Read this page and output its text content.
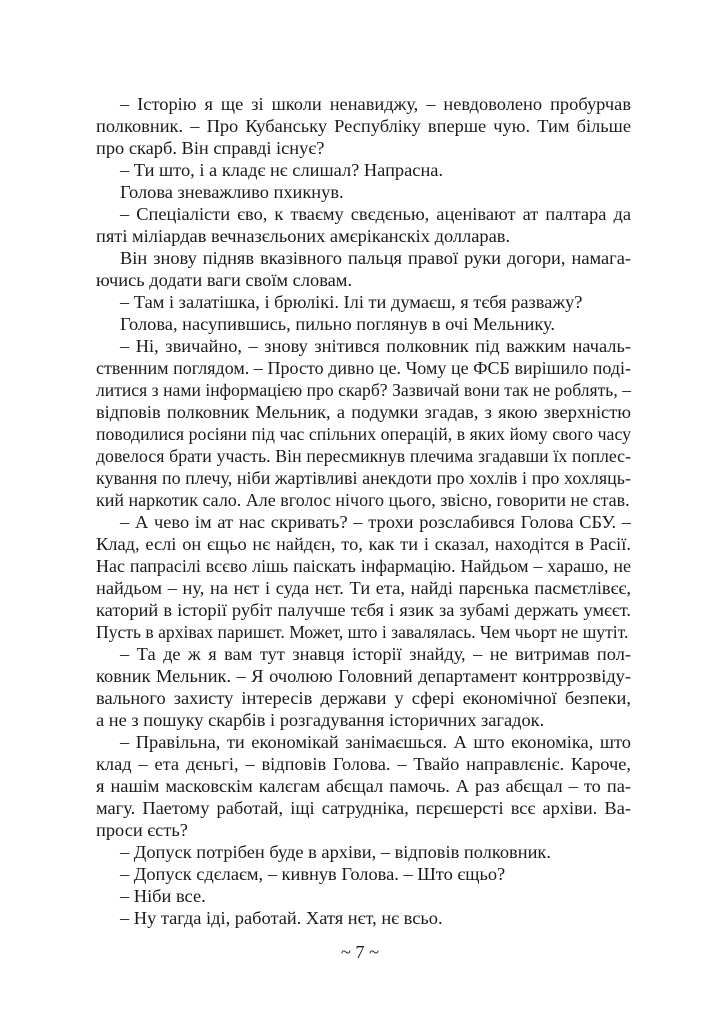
– Історію я ще зі школи ненавиджу, – невдоволено пробурчав
полковник. – Про Кубанську Республіку вперше чую. Тим більше
про скарб. Він справді існує?
– Ти што, і а кладє нє слишал? Напрасна.
Голова зневажливо пхикнув.
– Спеціалісти єво, к тваєму свєдєнью, аценівают ат палтара да
пяті міліардав вечназєльоних амєріканскіх долларав.
Він знову підняв вказівного пальця правої руки догори, намага-
ючись додати ваги своїм словам.
– Там і залатішка, і брюлікі. Ілі ти думаєш, я тєбя разважу?
Голова, насупившись, пильно поглянув в очі Мельнику.
– Ні, звичайно, – знову знітився полковник під важким началь-
ственним поглядом. – Просто дивно це. Чому це ФСБ вирішило поді-
литися з нами інформацією про скарб? Зазвичай вони так не роблять, –
відповів полковник Мельник, а подумки згадав, з якою зверхністю
поводилися росіяни під час спільних операцій, в яких йому свого часу
довелося брати участь. Він пересмикнув плечима згадавши їх поплес-
кування по плечу, ніби жартівливі анекдоти про хохлів і про хохляць-
кий наркотик сало. Але вголос нічого цього, звісно, говорити не став.
– А чево ім ат нас скривать? – трохи розслабився Голова СБУ. –
Клад, еслі он єщьо нє найдєн, то, как ти і сказал, находітся в Расії.
Нас папрасілі всєво лішь паіскать інфармацію. Найдьом – харашо, не
найдьом – ну, на нєт і суда нєт. Ти ета, найді парєнька пасмєтлівєє,
каторий в історії рубіт палучше тєбя і язик за зубамі держать умєєт.
Пусть в архівах паришєт. Может, што і завалялась. Чем чьорт не шутіт.
– Та де ж я вам тут знавця історії знайду, – не витримав пол-
ковник Мельник. – Я очолюю Головний департамент контррозвіду-
вального захисту інтересів держави у сфері економічної безпеки,
а не з пошуку скарбів і розгадування історичних загадок.
– Правільна, ти економікай занімаєшься. А што економіка, што
клад – ета дєньгі, – відповів Голова. – Твайо направлєніє. Кароче,
я нашім масковскім калєгам абєщал памочь. А раз абєщал – то па-
магу. Паетому работай, іщі сатрудніка, пєрєшерсті всє архіви. Ва-
проси єсть?
– Допуск потрібен буде в архіви, – відповів полковник.
– Допуск сдєлаєм, – кивнув Голова. – Што єщьо?
– Ніби все.
– Ну тагда іді, работай. Хатя нєт, нє всьо.
~ 7 ~
